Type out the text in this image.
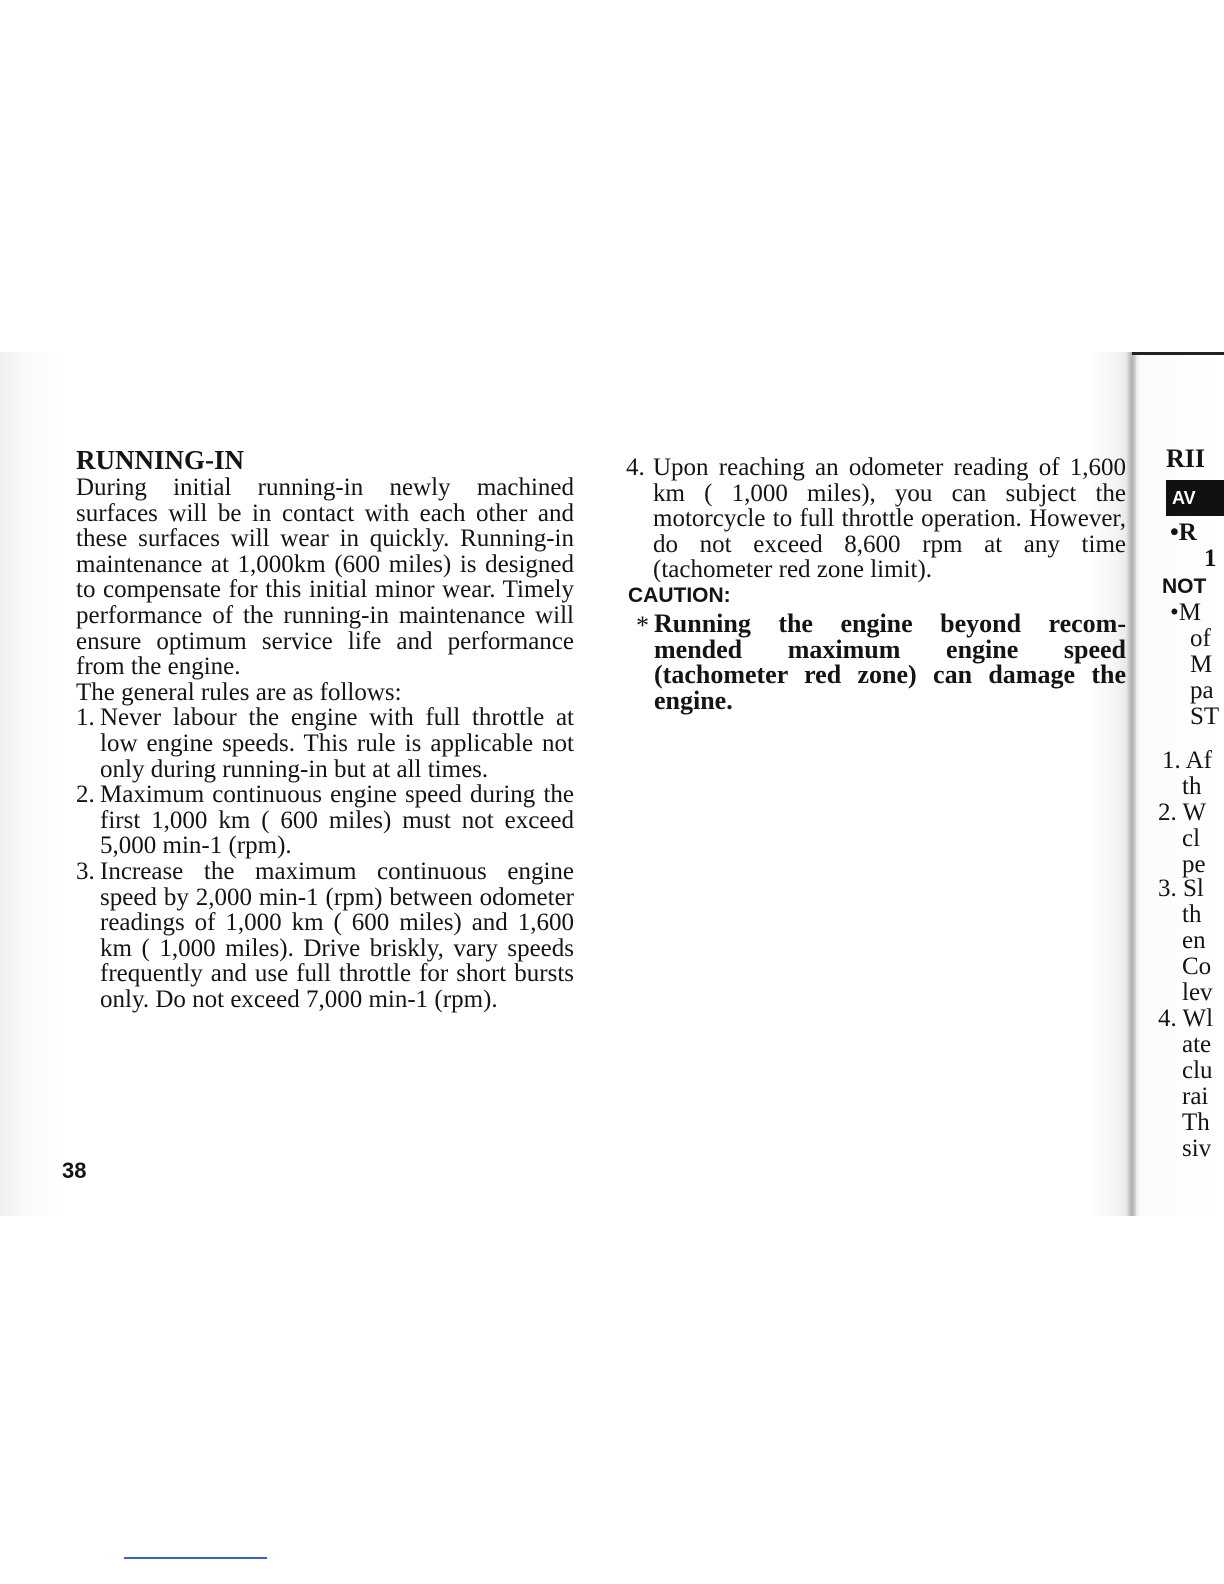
RUNNING-IN
During initial running-in newly machined surfaces will be in contact with each other and these surfaces will wear in quickly. Running-in maintenance at 1,000km (600 miles) is designed to compensate for this initial minor wear. Timely performance of the running-in maintenance will ensure optimum service life and performance from the engine.
The general rules are as follows:
1. Never labour the engine with full throttle at low engine speeds. This rule is applicable not only during running-in but at all times.
2. Maximum continuous engine speed during the first 1,000 km ( 600 miles) must not exceed 5,000 min-1 (rpm).
3. Increase the maximum continuous engine speed by 2,000 min-1 (rpm) between odometer readings of 1,000 km ( 600 miles) and 1,600 km ( 1,000 miles). Drive briskly, vary speeds frequently and use full throttle for short bursts only. Do not exceed 7,000 min-1 (rpm).
38
4. Upon reaching an odometer reading of 1,600 km ( 1,000 miles), you can subject the motorcycle to full throttle operation. However, do not exceed 8,600 rpm at any time (tachometer red zone limit).
CAUTION:
* Running the engine beyond recom-mended maximum engine speed (tachometer red zone) can damage the engine.
RII
AV
•R
1
NOT
•M
of
M
pa
ST
1. Af
th
2. W
cl
pe
3. Sl
th
en
Co
lev
4. Wl
ate
clu
rai
Th
siv
